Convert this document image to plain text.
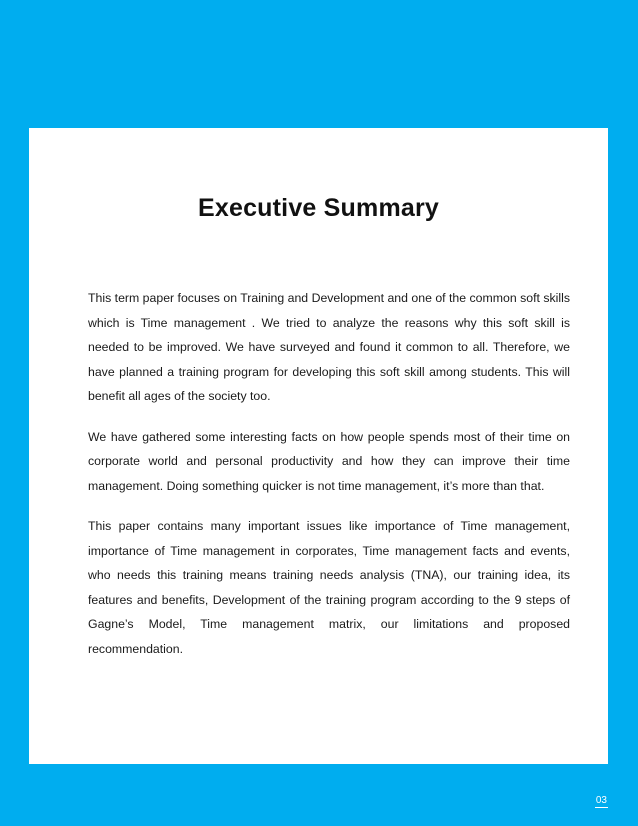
Executive Summary

This term paper focuses on Training and Development and one of the common soft skills which is Time management . We tried to analyze the reasons why this soft skill is needed to be improved. We have surveyed and found it common to all. Therefore, we have planned a training program for developing this soft skill among students. This will benefit all ages of the society too.

We have gathered some interesting facts on how people spends most of their time on corporate world and personal productivity and how they can improve their time management. Doing something quicker is not time management, it’s more than that.

This paper contains many important issues like importance of Time management, importance of Time management in corporates, Time management facts and events, who needs this training means training needs analysis (TNA), our training idea, its features and benefits, Development of the training program according to the 9 steps of Gagne’s Model, Time management matrix, our limitations and proposed recommendation.

03
